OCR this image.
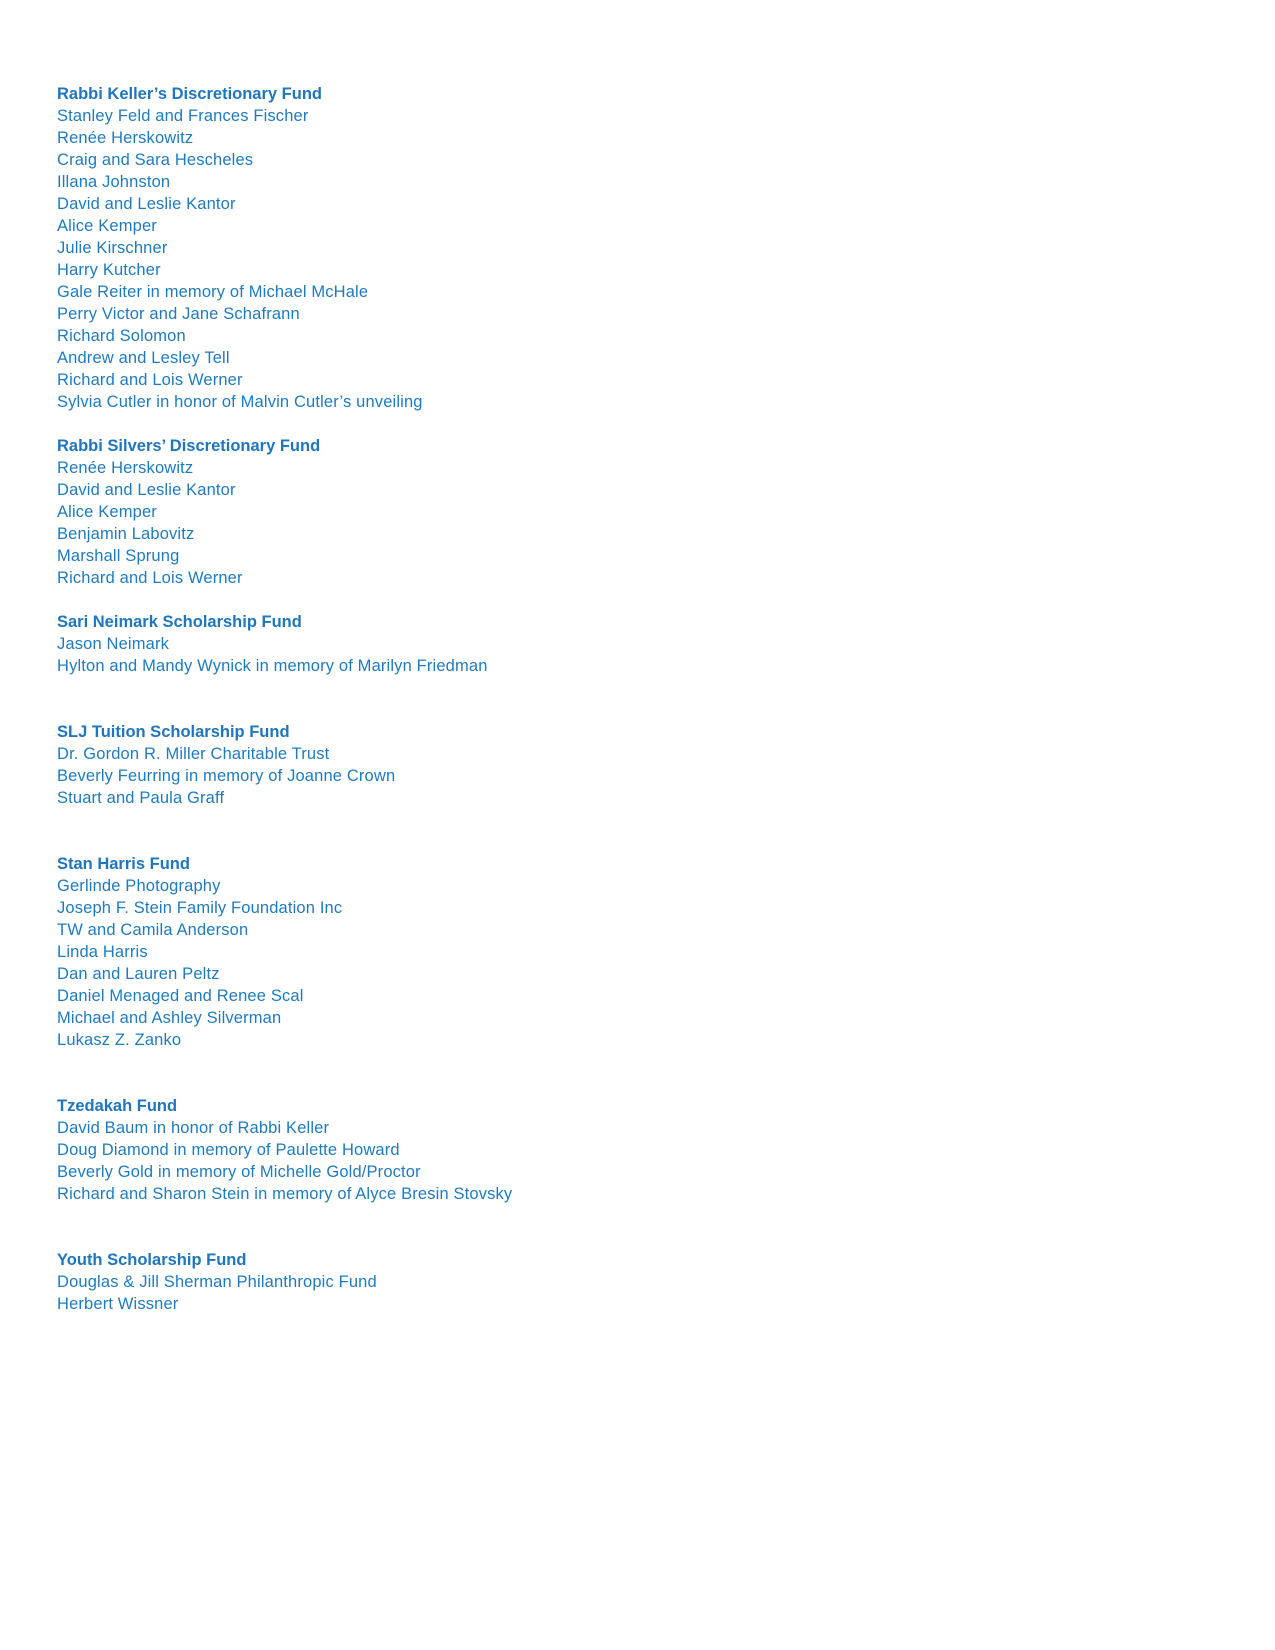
Rabbi Keller’s Discretionary Fund
Stanley Feld and Frances Fischer
Renée Herskowitz
Craig and Sara Hescheles
Illana Johnston
David and Leslie Kantor
Alice Kemper
Julie Kirschner
Harry Kutcher
Gale Reiter in memory of Michael McHale
Perry Victor and Jane Schafrann
Richard Solomon
Andrew and Lesley Tell
Richard and Lois Werner
Sylvia Cutler in honor of Malvin Cutler’s unveiling
Rabbi Silvers’ Discretionary Fund
Renée Herskowitz
David and Leslie Kantor
Alice Kemper
Benjamin Labovitz
Marshall Sprung
Richard and Lois Werner
Sari Neimark Scholarship Fund
Jason Neimark
Hylton and Mandy Wynick in memory of Marilyn Friedman
SLJ Tuition Scholarship Fund
Dr. Gordon R. Miller Charitable Trust
Beverly Feurring in memory of Joanne Crown
Stuart and Paula Graff
Stan Harris Fund
Gerlinde Photography
Joseph F. Stein Family Foundation Inc
TW and Camila Anderson
Linda Harris
Dan and Lauren Peltz
Daniel Menaged and Renee Scal
Michael and Ashley Silverman
Lukasz Z. Zanko
Tzedakah Fund
David Baum in honor of Rabbi Keller
Doug Diamond in memory of Paulette Howard
Beverly Gold in memory of Michelle Gold/Proctor
Richard and Sharon Stein in memory of Alyce Bresin Stovsky
Youth Scholarship Fund
Douglas & Jill Sherman Philanthropic Fund
Herbert Wissner
